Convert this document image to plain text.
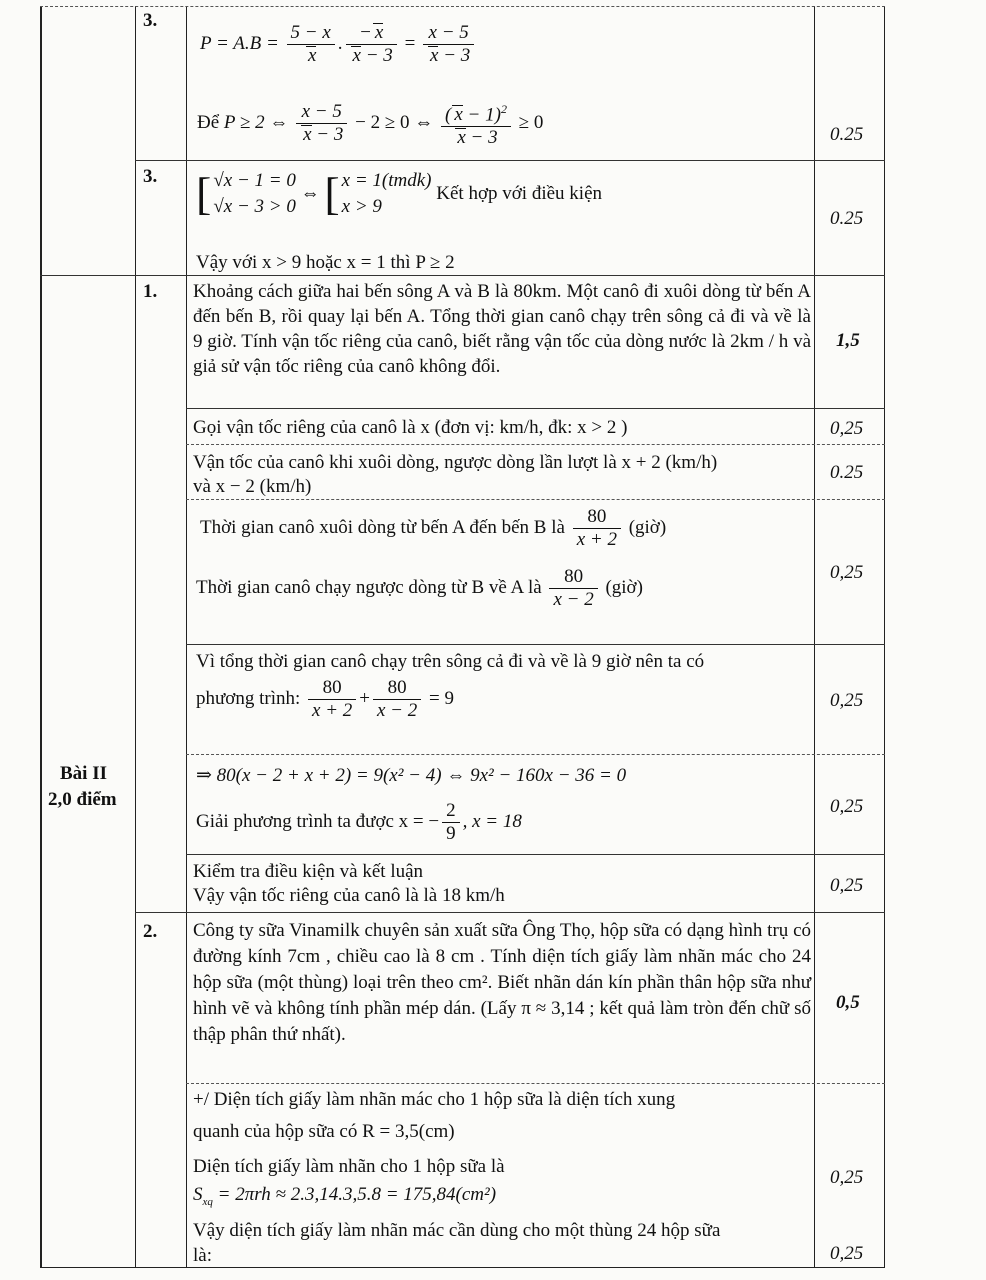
3.
3.
1.
2.
Bài II
2,0 điểm
$P = A.B = \frac{5 - x}{x}$ . $\frac{- x}{x - 3} = \frac{x - 5}{x - 3}$
Để P ≥ 2 ⇔ $\frac{x - 5}{x - 3} - 2 \ge 0$ ⇔ $\frac{( x - 1)^2}{x - 3} \ge 0$
[ √x − 1 = 0
√x − 3 > 0 ⇔ [ x = 1(tmdk)
x > 9 Kết hợp với điều kiện
Vậy với x > 9 hoặc x = 1 thì P ≥ 2
Khoảng cách giữa hai bến sông A và B là 80km. Một canô đi xuôi dòng từ bến A đến bến B, rồi quay lại bến A. Tổng thời gian canô chạy trên sông cả đi và về là 9 giờ. Tính vận tốc riêng của canô, biết rằng vận tốc của dòng nước là 2km / h và giả sử vận tốc riêng của canô không đổi.
Gọi vận tốc riêng của canô là x (đơn vị: km/h, đk: x > 2 )
Vận tốc của canô khi xuôi dòng, ngược dòng lần lượt là x + 2 (km/h)
và x − 2 (km/h)
Thời gian canô xuôi dòng từ bến A đến bến B là $\frac{80}{x + 2}$ (giờ)
Thời gian canô chạy ngược dòng từ B về A là $\frac{80}{x - 2}$ (giờ)
Vì tổng thời gian canô chạy trên sông cả đi và về là 9 giờ nên ta có
phương trình: $\frac{80}{x + 2} + \frac{80}{x - 2} = 9$
⇒ 80(x − 2 + x + 2) = 9(x² − 4) ⇔ 9x² − 160x − 36 = 0
Giải phương trình ta được x = − $\frac{2}{9}$ , x = 18
Kiểm tra điều kiện và kết luận
Vậy vận tốc riêng của canô là là 18 km/h
Công ty sữa Vinamilk chuyên sản xuất sữa Ông Thọ, hộp sữa có dạng hình trụ có đường kính 7cm , chiều cao là 8 cm . Tính diện tích giấy làm nhãn mác cho 24 hộp sữa (một thùng) loại trên theo cm². Biết nhãn dán kín phần thân hộp sữa như hình vẽ và không tính phần mép dán. (Lấy π ≈ 3,14 ; kết quả làm tròn đến chữ số thập phân thứ nhất).
+/ Diện tích giấy làm nhãn mác cho 1 hộp sữa là diện tích xung
quanh của hộp sữa có R = 3,5(cm)
Diện tích giấy làm nhãn cho 1 hộp sữa là
$S_{xq} = 2\pi rh \approx 2.3,14.3,5.8 = 175,84(cm^2)$
Vậy diện tích giấy làm nhãn mác cần dùng cho một thùng 24 hộp sữa
là:
0.25
0.25
1,5
0,25
0.25
0,25
0,25
0,25
0,25
0,5
0,25
0,25
